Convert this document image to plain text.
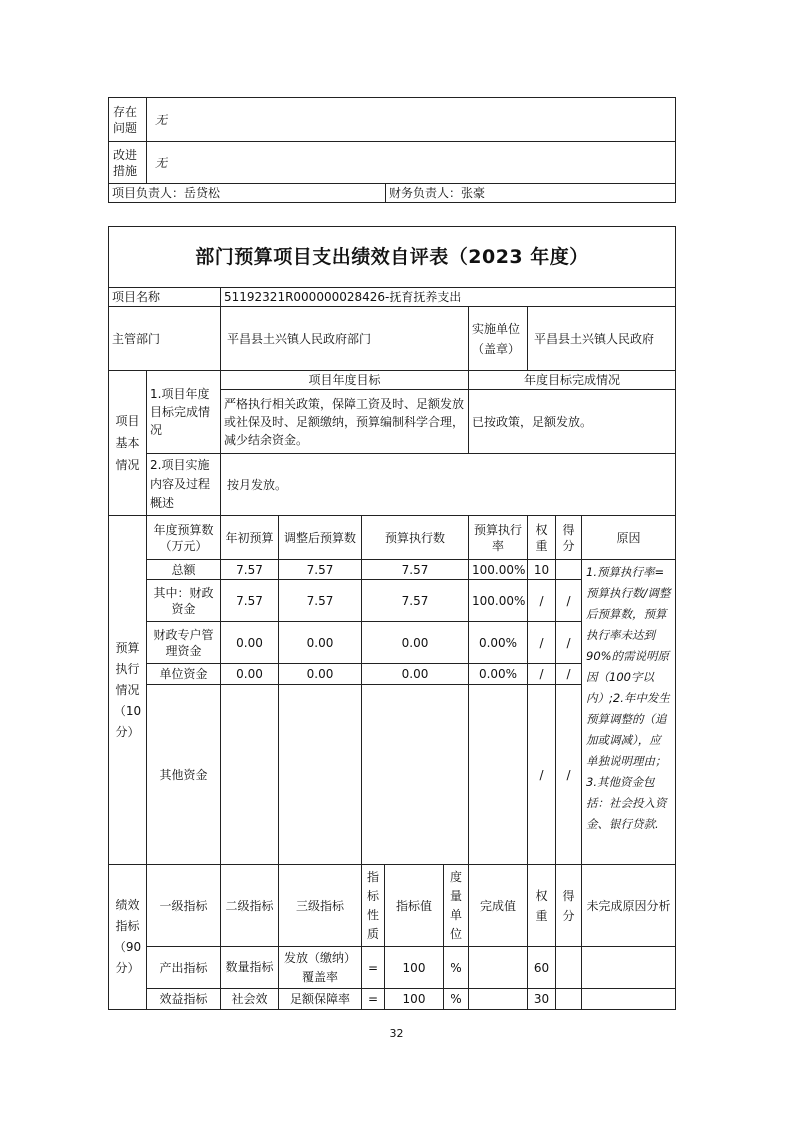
存在问题	无	
改进措施	无	
项目负责人：岳贷松		财务负责人：张豪
部门预算项目支出绩效自评表（2023 年度）										
项目名称		51192321R000000028426-抚育抚养支出								
主管部门		平昌县土兴镇人民政府部门					实施单位（盖章）	平昌县土兴镇人民政府		
项目基本情况	1.项目年度目标完成情况	项目年度目标					年度目标完成情况			
		严格执行相关政策，保障工资及时、足额发放或社保及时、足额缴纳，预算编制科学合理，减少结余资金。					已按政策，足额发放。			
	2.项目实施内容及过程概述	按月发放。								

预算执行情况（10分）	年度预算数（万元）	年初预算	调整后预算数	预算执行数			预算执行率	权重	得分	原因
	总额	7.57	7.57	7.57			100.00%	10		1.预算执行率=预算执行数/调整后预算数，预算执行率未达到90%的需说明原因（100字以内）;2.年中发生预算调整的（追加或调减），应单独说明理由；3.其他资金包括：社会投入资金、银行贷款.
	其中：财政资金	7.57	7.57	7.57			100.00%	/	/	
	财政专户管理资金	0.00	0.00	0.00			0.00%	/	/	
	单位资金	0.00	0.00	0.00			0.00%	/	/	
	其他资金							/	/	
绩效指标（90分）	一级指标	二级指标	三级指标	指标性质	指标值	度量单位	完成值	权重	得分	未完成原因分析
	产出指标	数量指标	发放（缴纳）覆盖率	=	100	%		60		
	效益指标	社会效	足额保障率	=	100	%		30		
32
